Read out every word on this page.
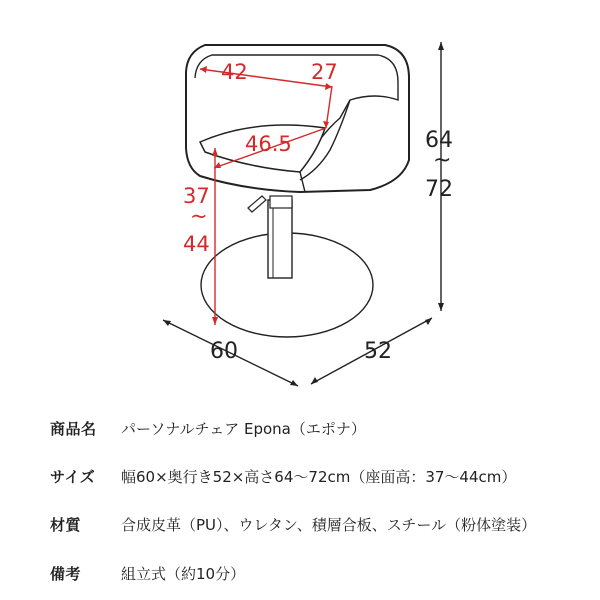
42	27
46.5
37
~
44
64
~
72
60	52
商品名 パーソナルチェア Epona（エポナ）
サイズ 幅60×奥行き52×高さ64〜72cm（座面高：37〜44cm）
材質	合成皮革（PU）、ウレタン、積層合板、スチール（粉体塗装）
備考	組立式（約10分）
